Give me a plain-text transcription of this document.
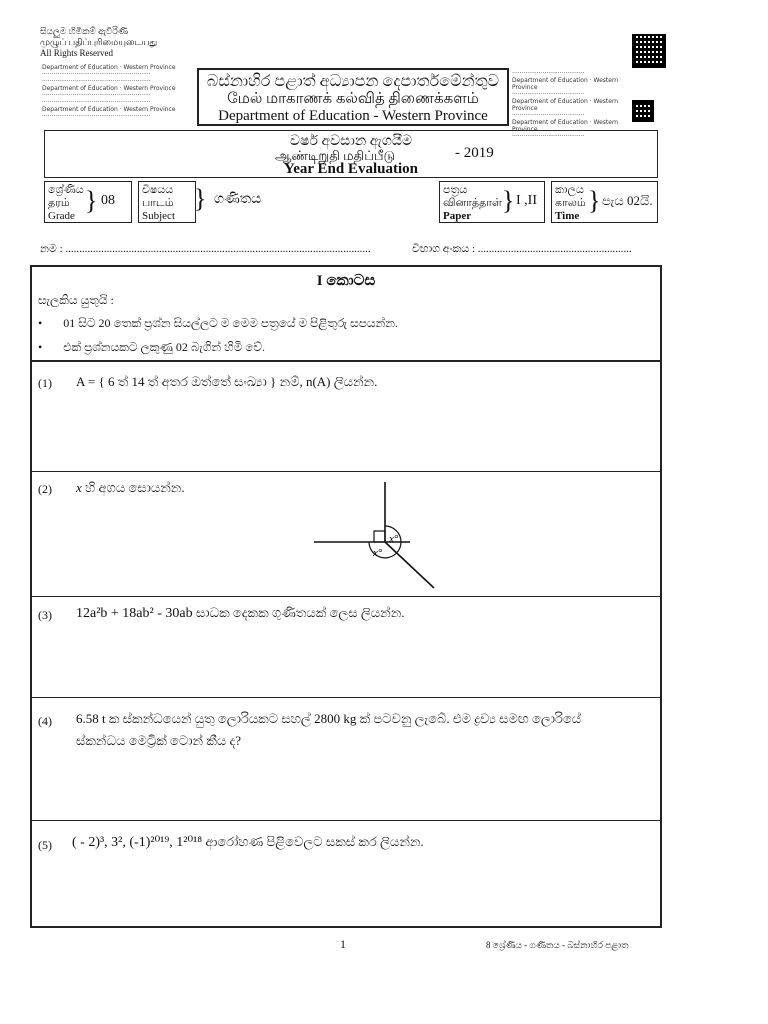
සියලුම හිමිකම් ඇවිරිණි
முழுப் பதிப்புரிமையுடையது
All Rights Reserved
Department of Education · Western Province
·························································
·························································
Department of Education · Western Province
·························································
·························································
Department of Education · Western Province
·························································
······································
Department of Education · Western Province
······································
Department of Education · Western Province
······································
Department of Education · Western Province
······································
බස්නාහිර පළාත් අධ්‍යාපන දෙපාර්තමේන්තුව
மேல் மாகாணக் கல்வித் திணைக்களம்
Department of Education - Western Province
වර්ෂ අවසාන ඇගයීම
ஆண்டிறுதி மதிப்பீடு	- 2019
Year End Evaluation
ශ්‍රේණිය
தரம்
Grade
} 08
විෂයය
பாடம்
Subject
} ගණිතය
පත්‍රය
வினாத்தாள்
Paper
} I ,II
කාලය
காலம்
Time
} පැය 02යි.
නම : ...............................................................................................................	විභාග අංකය : ........................................................
I කොටස
සැලකිය යුතුයි :
• 01 සිට 20 තෙක් ප්‍රශ්න සියල්ලට ම මෙම පත්‍රයේ ම පිළිතුරු සපයන්න.
• එක් ප්‍රශ්නයකට ලකුණු 02 බැගින් හිමි වේ.
(1) A = { 6 ත් 14 ත් අතර ඔත්තේ සංඛ්‍යා } නම්, n(A) ලියන්න.
(2) x හි අගය සොයන්න.
x°
x°
(3) 12a²b + 18ab² - 30ab සාධක දෙකක ගුණිතයක් ලෙස ලියන්න.
(4) 6.58 t ක ස්කන්ධයෙන් යුතු ලොරියකට සහල් 2800 kg ක් පටවනු ලැබේ. එම ද්‍රව්‍ය සමඟ ලොරියේ
ස්කන්ධය මෙට්‍රික් ටොන් කීය ද?
(5) ( - 2)³, 3², (-1)²⁰¹⁹, 1²⁰¹⁸ ආරෝහණ පිළිවෙලට සකස් කර ලියන්න.
1	8 ශ්‍රේණිය - ගණිතය - බස්නාහිර පළාත
